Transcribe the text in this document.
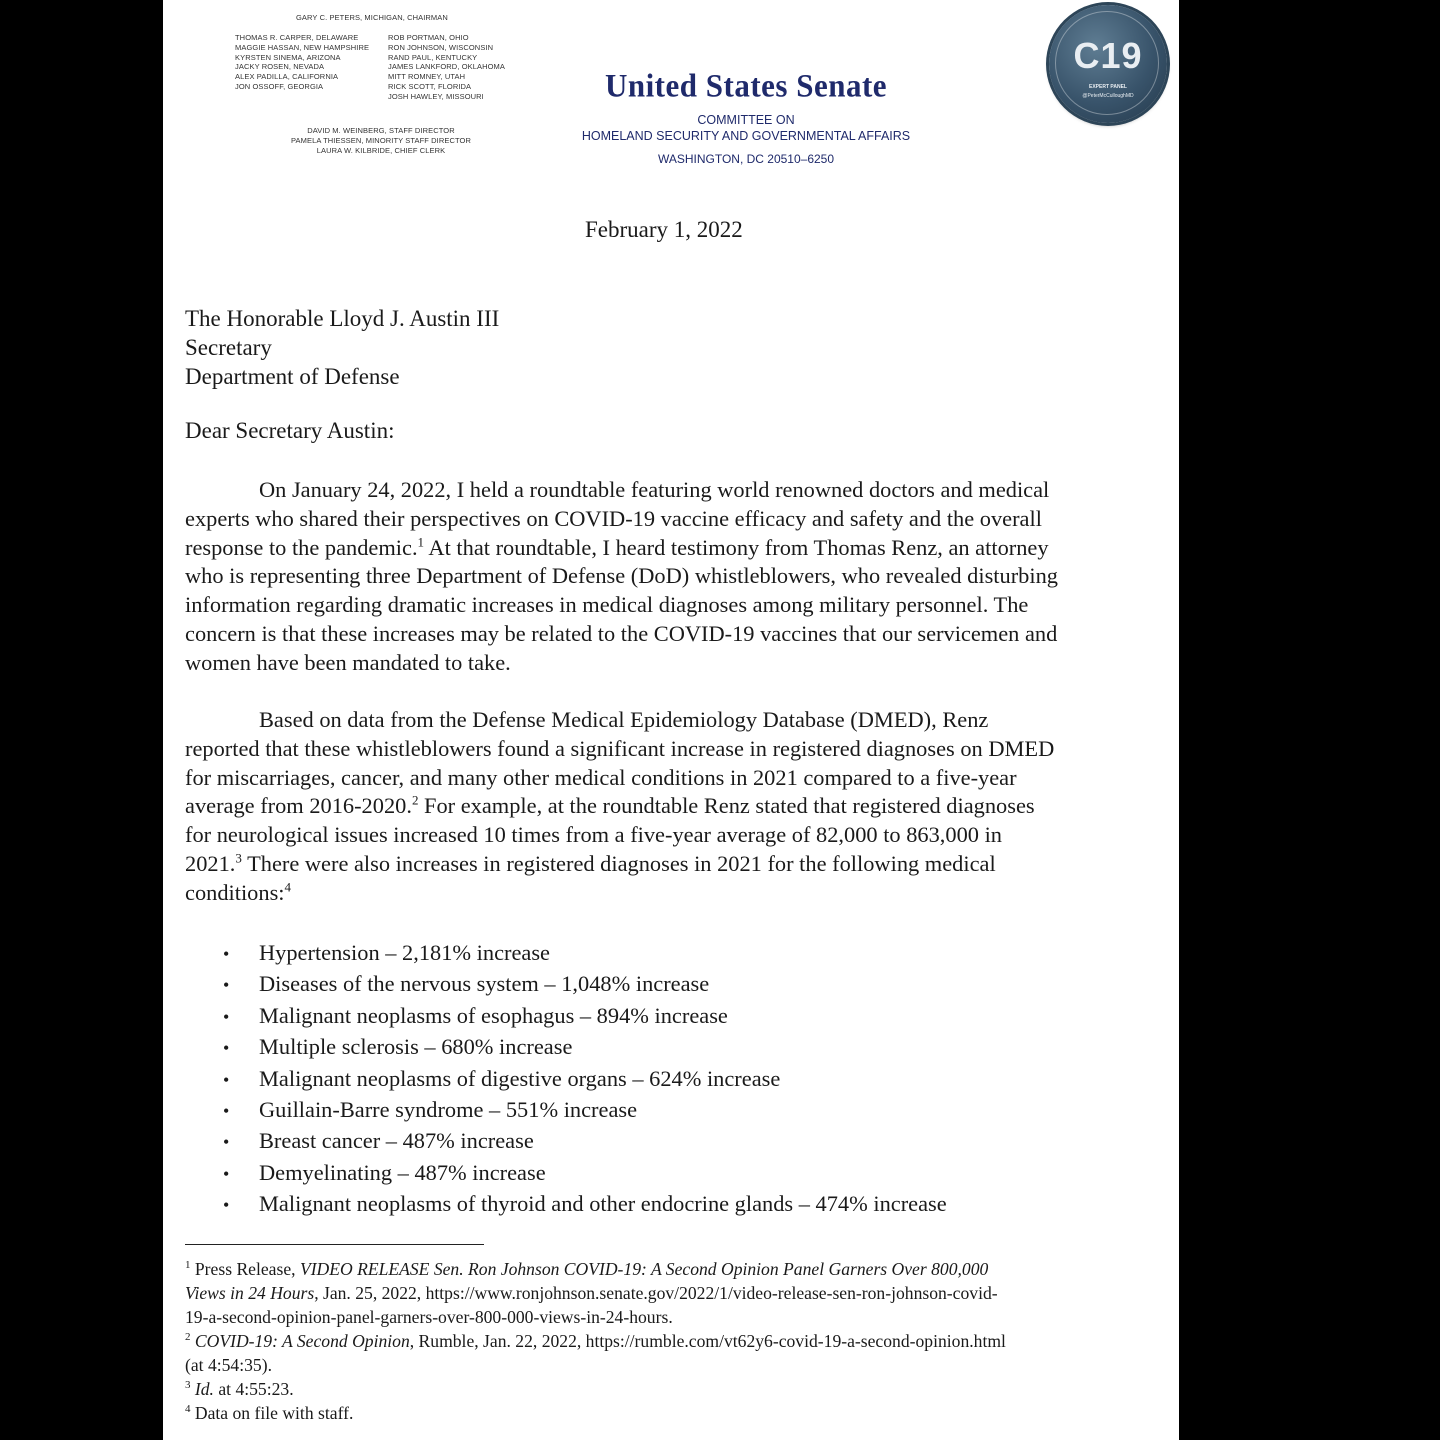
GARY C. PETERS, MICHIGAN, CHAIRMAN
THOMAS R. CARPER, DELAWARE
MAGGIE HASSAN, NEW HAMPSHIRE
KYRSTEN SINEMA, ARIZONA
JACKY ROSEN, NEVADA
ALEX PADILLA, CALIFORNIA
JON OSSOFF, GEORGIA
ROB PORTMAN, OHIO
RON JOHNSON, WISCONSIN
RAND PAUL, KENTUCKY
JAMES LANKFORD, OKLAHOMA
MITT ROMNEY, UTAH
RICK SCOTT, FLORIDA
JOSH HAWLEY, MISSOURI
DAVID M. WEINBERG, STAFF DIRECTOR
PAMELA THIESSEN, MINORITY STAFF DIRECTOR
LAURA W. KILBRIDE, CHIEF CLERK
United States Senate
COMMITTEE ON
HOMELAND SECURITY AND GOVERNMENTAL AFFAIRS
WASHINGTON, DC 20510–6250
C19
EXPERT PANEL
@PeterMcCulloughMD
February 1, 2022
The Honorable Lloyd J. Austin III
Secretary
Department of Defense
Dear Secretary Austin:
On January 24, 2022, I held a roundtable featuring world renowned doctors and medical
experts who shared their perspectives on COVID-19 vaccine efficacy and safety and the overall
response to the pandemic.$^1$ At that roundtable, I heard testimony from Thomas Renz, an attorney
who is representing three Department of Defense (DoD) whistleblowers, who revealed disturbing
information regarding dramatic increases in medical diagnoses among military personnel. The
concern is that these increases may be related to the COVID-19 vaccines that our servicemen and
women have been mandated to take.
Based on data from the Defense Medical Epidemiology Database (DMED), Renz
reported that these whistleblowers found a significant increase in registered diagnoses on DMED
for miscarriages, cancer, and many other medical conditions in 2021 compared to a five-year
average from 2016-2020.$^2$ For example, at the roundtable Renz stated that registered diagnoses
for neurological issues increased 10 times from a five-year average of 82,000 to 863,000 in
2021.$^3$ There were also increases in registered diagnoses in 2021 for the following medical
conditions:$^4$
• Hypertension – 2,181% increase
• Diseases of the nervous system – 1,048% increase
• Malignant neoplasms of esophagus – 894% increase
• Multiple sclerosis – 680% increase
• Malignant neoplasms of digestive organs – 624% increase
• Guillain-Barre syndrome – 551% increase
• Breast cancer – 487% increase
• Demyelinating – 487% increase
• Malignant neoplasms of thyroid and other endocrine glands – 474% increase
$^1$ Press Release, VIDEO RELEASE Sen. Ron Johnson COVID-19: A Second Opinion Panel Garners Over 800,000
Views in 24 Hours, Jan. 25, 2022, https://www.ronjohnson.senate.gov/2022/1/video-release-sen-ron-johnson-covid-
19-a-second-opinion-panel-garners-over-800-000-views-in-24-hours.
$^2$ COVID-19: A Second Opinion, Rumble, Jan. 22, 2022, https://rumble.com/vt62y6-covid-19-a-second-opinion.html
(at 4:54:35).
$^3$ Id. at 4:55:23.
$^4$ Data on file with staff.
